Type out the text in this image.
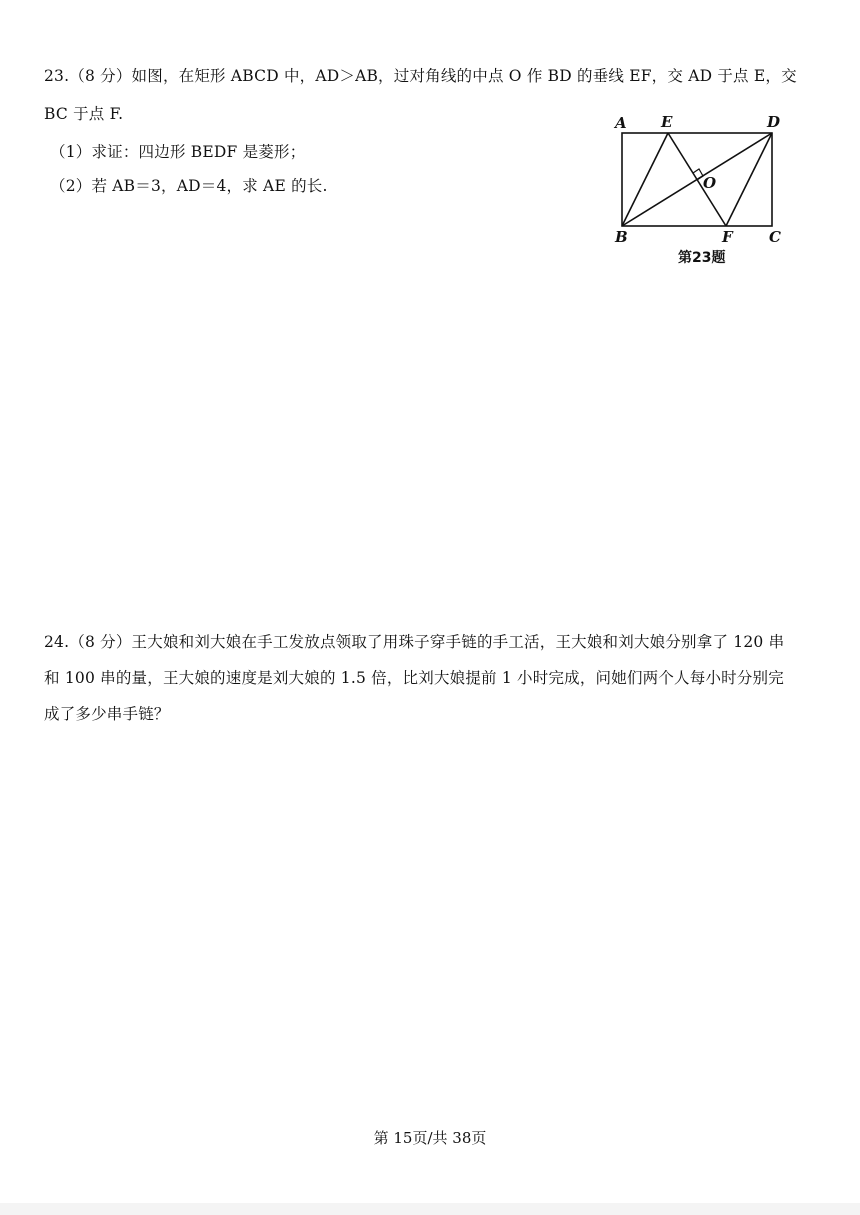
23.（8 分）如图，在矩形 ABCD 中，AD＞AB，过对角线的中点 O 作 BD 的垂线 EF，交 AD 于点 E，交
BC 于点 F.
（1）求证：四边形 BEDF 是菱形；
（2）若 AB＝3，AD＝4，求 AE 的长.
A E	D
O
B	F C
第23题
24.（8 分）王大娘和刘大娘在手工发放点领取了用珠子穿手链的手工活，王大娘和刘大娘分别拿了 120 串
和 100 串的量，王大娘的速度是刘大娘的 1.5 倍，比刘大娘提前 1 小时完成，问她们两个人每小时分别完
成了多少串手链？
第 15页/共 38页
